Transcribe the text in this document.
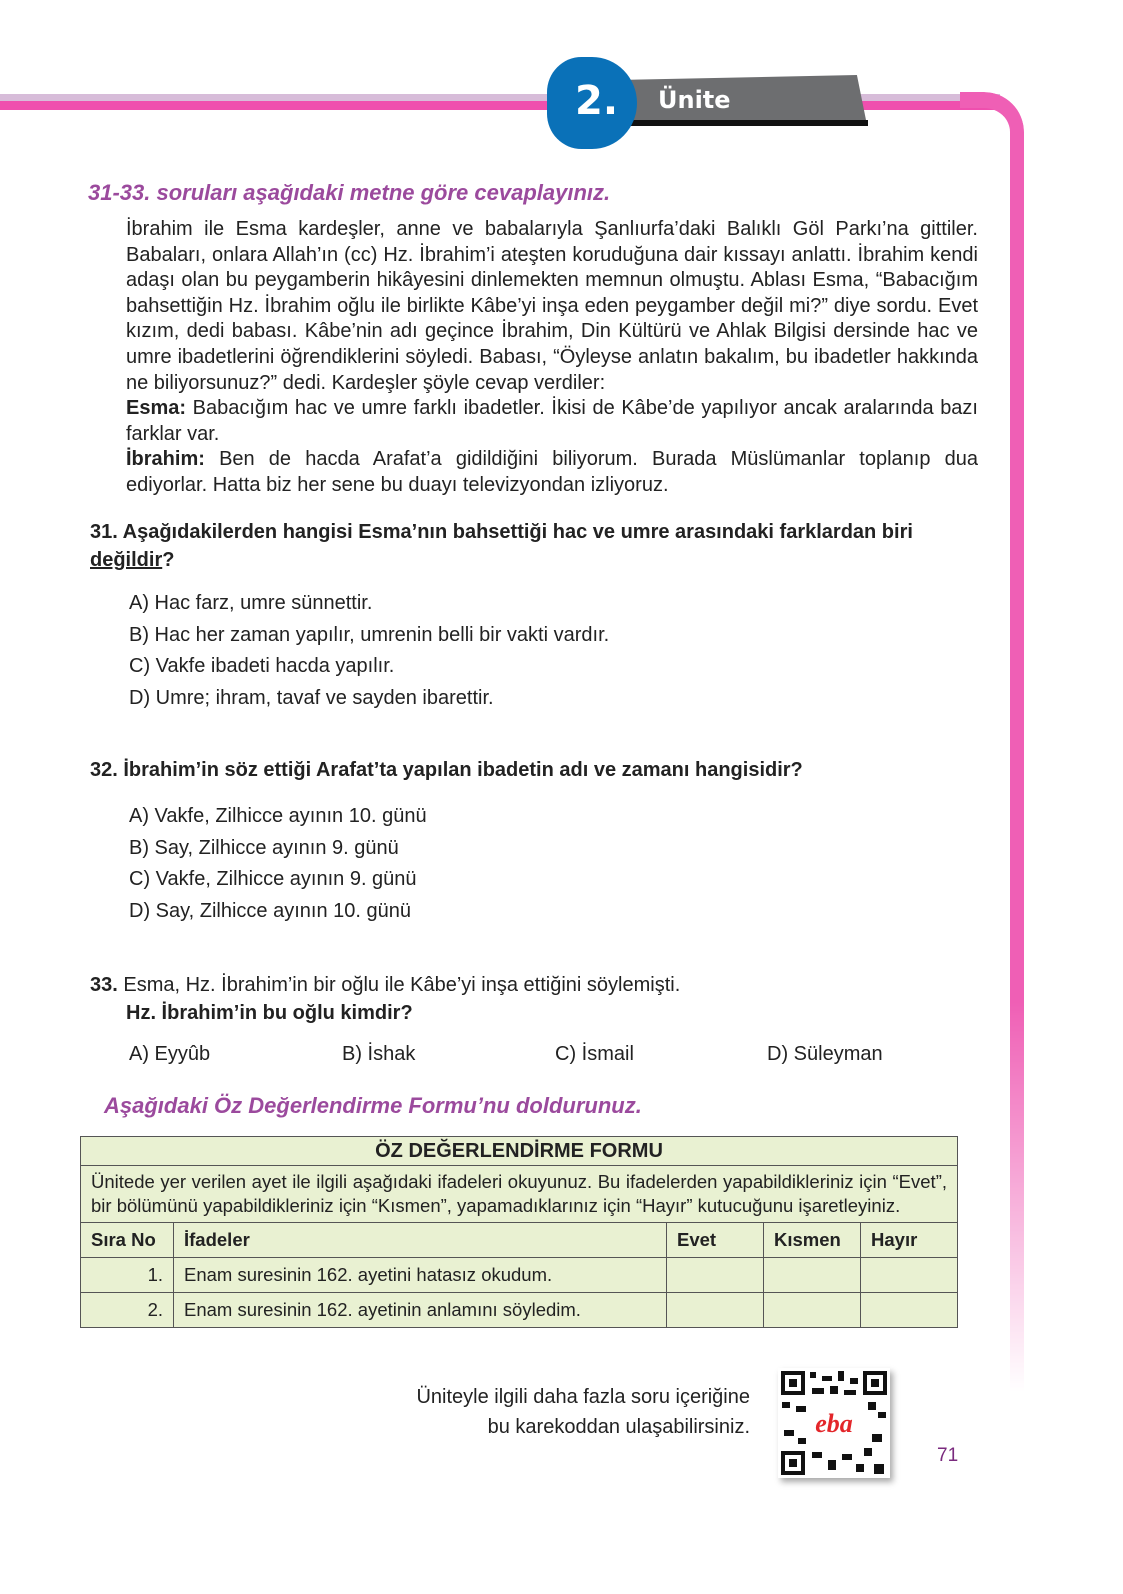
2. Ünite
31-33. soruları aşağıdaki metne göre cevaplayınız.
İbrahim ile Esma kardeşler, anne ve babalarıyla Şanlıurfa’daki Balıklı Göl Parkı’na gittiler. Babaları, onlara Allah’ın (cc) Hz. İbrahim’i ateşten koruduğuna dair kıssayı anlattı. İbrahim kendi adaşı olan bu peygamberin hikâyesini dinlemekten memnun olmuştu. Ablası Esma, “Babacığım bahsettiğin Hz. İbrahim oğlu ile birlikte Kâbe’yi inşa eden peygamber değil mi?” diye sordu. Evet kızım, dedi babası. Kâbe’nin adı geçince İbrahim, Din Kültürü ve Ahlak Bilgisi dersinde hac ve umre ibadetlerini öğrendiklerini söyledi. Babası, “Öyleyse anlatın bakalım, bu ibadetler hakkında ne biliyorsunuz?” dedi. Kardeşler şöyle cevap verdiler:
Esma: Babacığım hac ve umre farklı ibadetler. İkisi de Kâbe’de yapılıyor ancak aralarında bazı farklar var.
İbrahim: Ben de hacda Arafat’a gidildiğini biliyorum. Burada Müslümanlar toplanıp dua ediyorlar. Hatta biz her sene bu duayı televizyondan izliyoruz.
31. Aşağıdakilerden hangisi Esma’nın bahsettiği hac ve umre arasındaki farklardan biri değildir?
A) Hac farz, umre sünnettir.
B) Hac her zaman yapılır, umrenin belli bir vakti vardır.
C) Vakfe ibadeti hacda yapılır.
D) Umre; ihram, tavaf ve sayden ibarettir.
32. İbrahim’in söz ettiği Arafat’ta yapılan ibadetin adı ve zamanı hangisidir?
A) Vakfe, Zilhicce ayının 10. günü
B) Say, Zilhicce ayının 9. günü
C) Vakfe, Zilhicce ayının 9. günü
D) Say, Zilhicce ayının 10. günü
33. Esma, Hz. İbrahim’in bir oğlu ile Kâbe’yi inşa ettiğini söylemişti.
Hz. İbrahim’in bu oğlu kimdir?
A) Eyyûb	B) İshak	C) İsmail	D) Süleyman
Aşağıdaki Öz Değerlendirme Formu’nu doldurunuz.
ÖZ DEĞERLENDİRME FORMU				
Ünitede yer verilen ayet ile ilgili aşağıdaki ifadeleri okuyunuz. Bu ifadelerden yapabildikleriniz için “Evet”, bir bölümünü yapabildikleriniz için “Kısmen”, yapamadıklarınız için “Hayır” kutucuğunu işaretleyiniz.				
Sıra No	İfadeler	Evet	Kısmen	Hayır
1.	Enam suresinin 162. ayetini hatasız okudum.			
2.	Enam suresinin 162. ayetinin anlamını söyledim.			
Üniteyle ilgili daha fazla soru içeriğine
bu karekoddan ulaşabilirsiniz.	eba
71
